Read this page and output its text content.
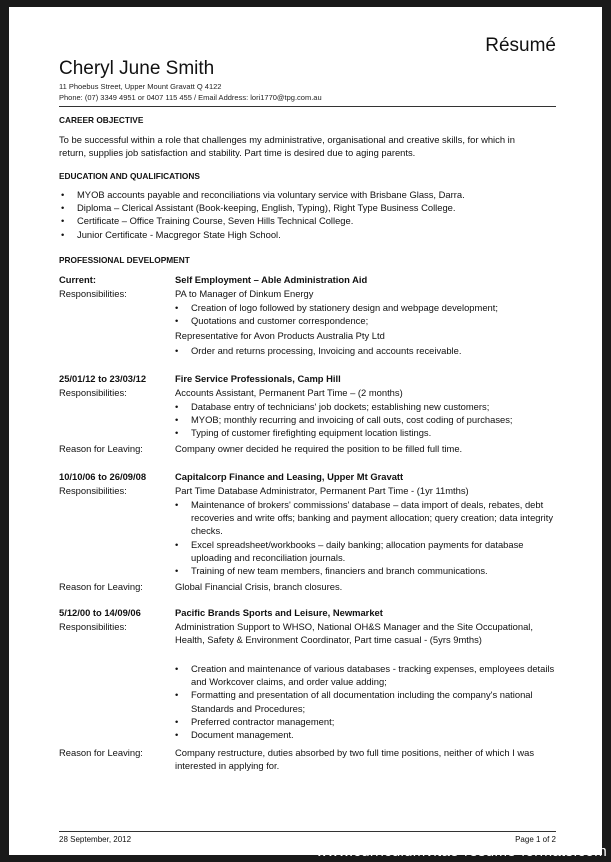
Résumé
Cheryl June Smith
11 Phoebus Street, Upper Mount Gravatt Q 4122
Phone: (07) 3349 4951 or 0407 115 455 / Email Address: lori1770@tpg.com.au
CAREER OBJECTIVE
To be successful within a role that challenges my administrative, organisational and creative skills, for which in
return, supplies job satisfaction and stability. Part time is desired due to aging parents.
EDUCATION AND QUALIFICATIONS
• MYOB accounts payable and reconciliations via voluntary service with Brisbane Glass, Darra.
• Diploma – Clerical Assistant (Book-keeping, English, Typing), Right Type Business College.
• Certificate – Office Training Course, Seven Hills Technical College.
• Junior Certificate - Macgregor State High School.
PROFESSIONAL DEVELOPMENT
Current:	Self Employment – Able Administration Aid
Responsibilities:	PA to Manager of Dinkum Energy
• Creation of logo followed by stationery design and webpage development;
• Quotations and customer correspondence;
Representative for Avon Products Australia Pty Ltd
• Order and returns processing, Invoicing and accounts receivable.
25/01/12 to 23/03/12	Fire Service Professionals, Camp Hill
Responsibilities:	Accounts Assistant, Permanent Part Time – (2 months)
• Database entry of technicians' job dockets; establishing new customers;
• MYOB; monthly recurring and invoicing of call outs, cost coding of purchases;
• Typing of customer firefighting equipment location listings.
Reason for Leaving:	Company owner decided he required the position to be filled full time.
10/10/06 to 26/09/08	Capitalcorp Finance and Leasing, Upper Mt Gravatt
Responsibilities:	Part Time Database Administrator, Permanent Part Time - (1yr 11mths)
• Maintenance of brokers' commissions' database – data import of deals, rebates, debt recoveries and write offs; banking and payment allocation; query creation; data integrity checks.
• Excel spreadsheet/workbooks – daily banking; allocation payments for database uploading and reconciliation journals.
• Training of new team members, financiers and branch communications.
Reason for Leaving:	Global Financial Crisis, branch closures.
5/12/00 to 14/09/06	Pacific Brands Sports and Leisure, Newmarket
Responsibilities:	Administration Support to WHSO, National OH&S Manager and the Site Occupational, Health, Safety & Environment Coordinator, Part time casual - (5yrs 9mths)
• Creation and maintenance of various databases - tracking expenses, employees details and Workcover claims, and order value adding;
• Formatting and presentation of all documentation including the company's national Standards and Procedures;
• Preferred contractor management;
• Document management.
Reason for Leaving:	Company restructure, duties absorbed by two full time positions, neither of which I was interested in applying for.
28 September, 2012	Page 1 of 2
www.curriculumvitae-resume-formats.com
